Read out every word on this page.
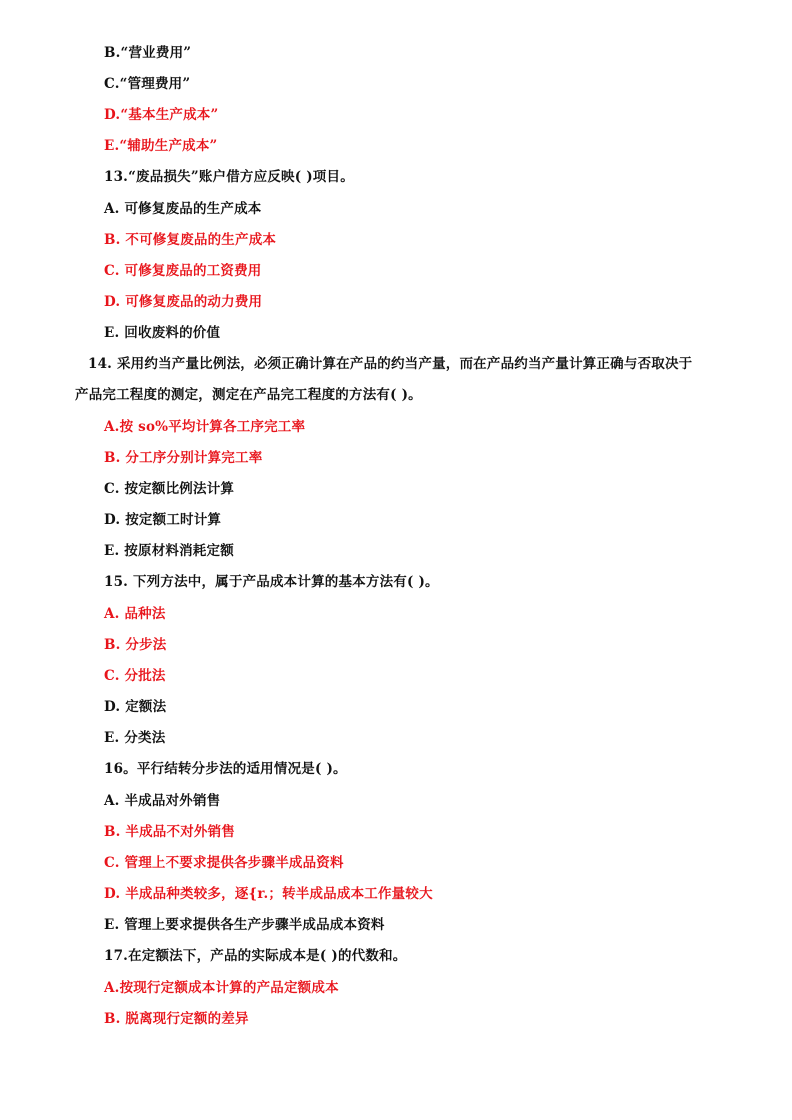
B.“营业费用”
C.“管理费用”
D.“基本生产成本”
E.“辅助生产成本”
13.“废品损失”账户借方应反映( )项目。
A. 可修复废品的生产成本
B. 不可修复废品的生产成本
C. 可修复废品的工资费用
D. 可修复废品的动力费用
E. 回收废料的价值
14. 采用约当产量比例法，必须正确计算在产品的约当产量，而在产品约当产量计算正确与否取决于
产品完工程度的测定，测定在产品完工程度的方法有( )。
A.按 so%平均计算各工序完工率
B. 分工序分别计算完工率
C. 按定额比例法计算
D. 按定额工时计算
E. 按原材料消耗定额
15. 下列方法中，属于产品成本计算的基本方法有( )。
A. 品种法
B. 分步法
C. 分批法
D. 定额法
E. 分类法
16。平行结转分步法的适用情况是( )。
A. 半成品对外销售
B. 半成品不对外销售
C. 管理上不要求提供各步骤半成品资料
D. 半成品种类较多，逐{r.；转半成品成本工作量较大
E. 管理上要求提供各生产步骤半成品成本资料
17.在定额法下，产品的实际成本是( )的代数和。
A.按现行定额成本计算的产品定额成本
B. 脱离现行定额的差异
